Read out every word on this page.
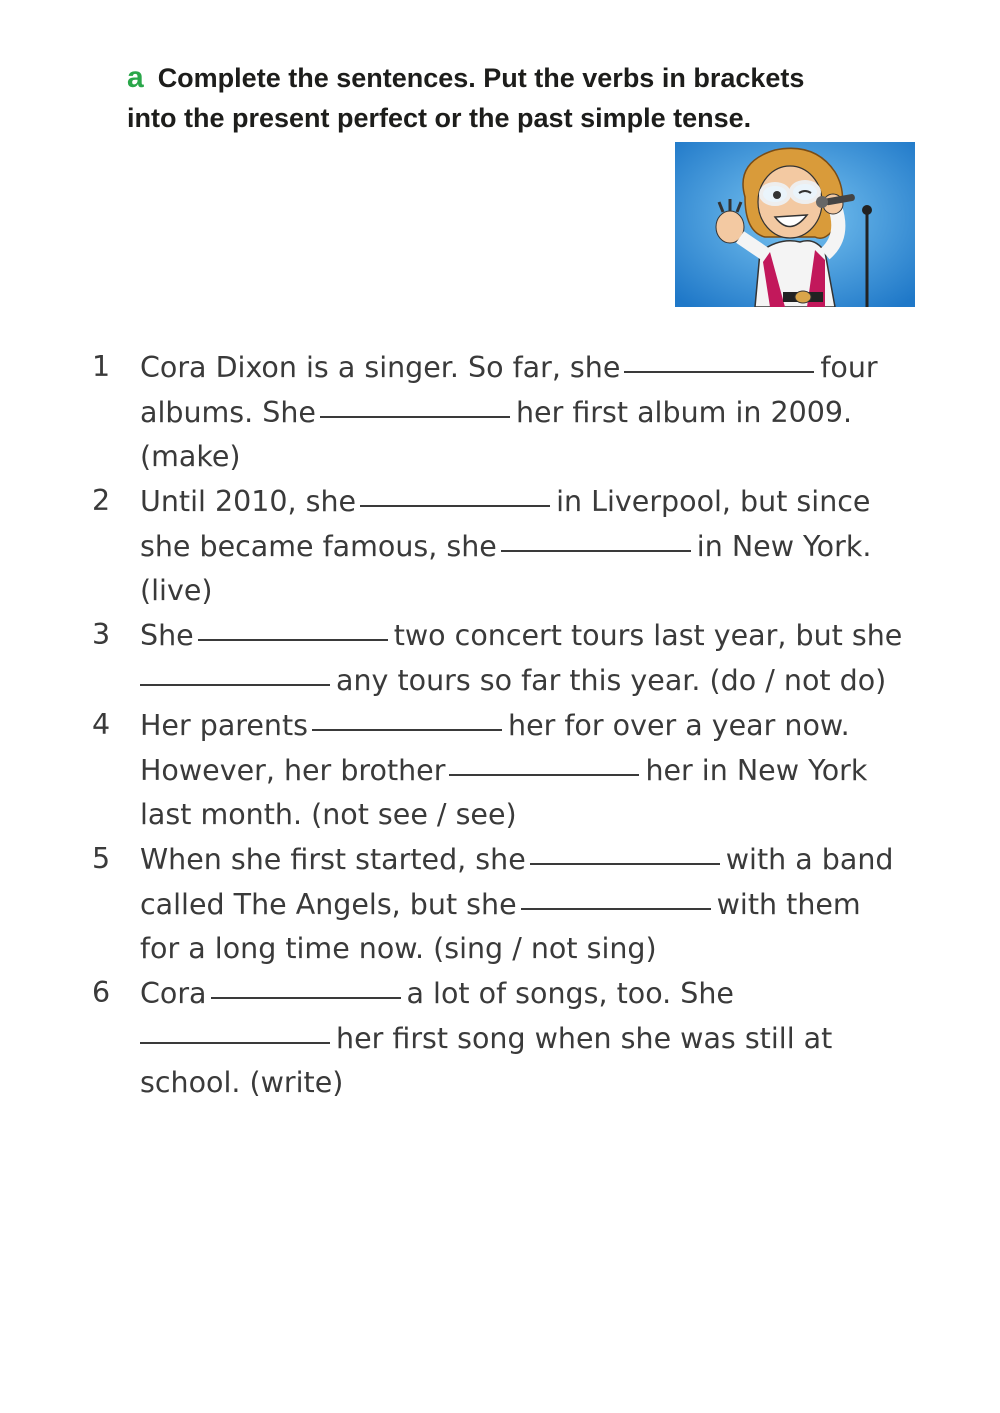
a Complete the sentences. Put the verbs in brackets
into the present perfect or the past simple tense.
1	Cora Dixon is a singer. So far, she	four
albums. She	her first album in 2009.
(make)
2	Until 2010, she	in Liverpool, but since
she became famous, she	in New York.
(live)
3	She	two concert tours last year, but she
any tours so far this year. (do / not do)
4	Her parents	her for over a year now.
However, her brother	her in New York
last month. (not see / see)
5	When she first started, she	with a band
called The Angels, but she	with them
for a long time now. (sing / not sing)
6	Cora	a lot of songs, too. She
her first song when she was still at
school. (write)
